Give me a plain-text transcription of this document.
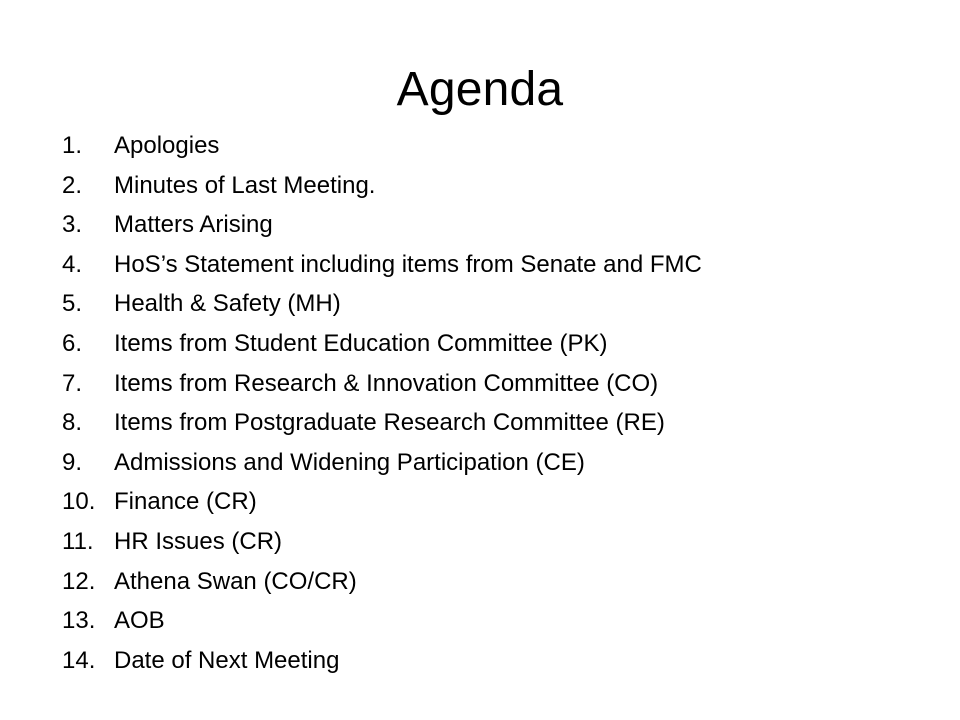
Agenda
1.	Apologies
2.	Minutes of Last Meeting.
3.	Matters Arising
4.	HoS’s Statement including items from Senate and FMC
5.	Health & Safety (MH)
6.	Items from Student Education Committee (PK)
7.	Items from Research & Innovation Committee (CO)
8.	Items from Postgraduate Research Committee (RE)
9.	Admissions and Widening Participation (CE)
10. Finance (CR)
11. HR Issues (CR)
12. Athena Swan (CO/CR)
13. AOB
14. Date of Next Meeting
